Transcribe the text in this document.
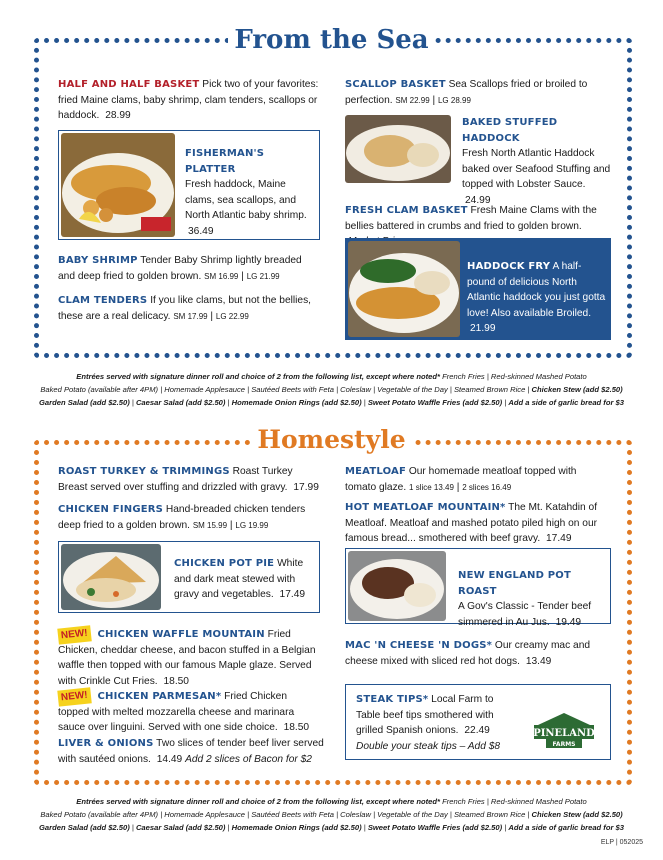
From the Sea
HALF AND HALF BASKET Pick two of your favorites: fried Maine clams, baby shrimp, clam tenders, scallops or haddock. 28.99
SCALLOP BASKET Sea Scallops fried or broiled to perfection. SM 22.99 | LG 28.99
FISHERMAN'S PLATTER
Fresh haddock, Maine clams, sea scallops, and North Atlantic baby shrimp. 36.49
BAKED STUFFED HADDOCK
Fresh North Atlantic Haddock baked over Seafood Stuffing and topped with Lobster Sauce. 24.99
FRESH CLAM BASKET Fresh Maine Clams with the bellies battered in crumbs and fried to golden brown.
BABY SHRIMP Tender Baby Shrimp lightly breaded and deep fried to golden brown. SM 16.99 | LG 21.99
HADDOCK FRY A half-pound of delicious North Atlantic haddock you just gotta love! Also available Broiled. 21.99
CLAM TENDERS If you like clams, but not the bellies, these are a real delicacy. SM 17.99 | LG 22.99
Entrées served with signature dinner roll and choice of 2 from the following list, except where noted* French Fries | Red-skinned Mashed Potato
Baked Potato (available after 4PM) | Homemade Applesauce | Sautéed Beets with Feta | Coleslaw | Vegetable of the Day | Steamed Brown Rice | Chicken Stew (add $2.50)
Garden Salad (add $2.50) | Caesar Salad (add $2.50) | Homemade Onion Rings (add $2.50) | Sweet Potato Waffle Fries (add $2.50) | Add a side of garlic bread for $3
Homestyle
ROAST TURKEY & TRIMMINGS Roast Turkey Breast served over stuffing and drizzled with gravy. 17.99
MEATLOAF Our homemade meatloaf topped with tomato glaze. 1 slice 13.49 | 2 slices 16.49
CHICKEN FINGERS Hand-breaded chicken tenders deep fried to a golden brown. SM 15.99 | LG 19.99
HOT MEATLOAF MOUNTAIN* The Mt. Katahdin of Meatloaf. Meatloaf and mashed potato piled high on our famous bread... smothered with beef gravy. 17.49
CHICKEN POT PIE White and dark meat stewed with gravy and vegetables. 17.49
NEW ENGLAND POT ROAST
A Gov's Classic - Tender beef simmered in Au Jus. 19.49
NEW! CHICKEN WAFFLE MOUNTAIN Fried Chicken, cheddar cheese, and bacon stuffed in a Belgian waffle then topped with our famous Maple glaze. Served with Crinkle Cut Fries. 18.50
MAC 'N CHEESE 'N DOGS* Our creamy mac and cheese mixed with sliced red hot dogs. 13.49
NEW! CHICKEN PARMESAN* Fried Chicken topped with melted mozzarella cheese and marinara sauce over linguini. Served with one side choice. 18.50
STEAK TIPS* Local Farm to Table beef tips smothered with grilled Spanish onions. 22.49 Double your steak tips – Add $8
PINELAND
FARMS
LIVER & ONIONS Two slices of tender beef liver served with sautéed onions. 14.49 Add 2 slices of Bacon for $2
Entrées served with signature dinner roll and choice of 2 from the following list, except where noted* French Fries | Red-skinned Mashed Potato
Baked Potato (available after 4PM) | Homemade Applesauce | Sautéed Beets with Feta | Coleslaw | Vegetable of the Day | Steamed Brown Rice | Chicken Stew (add $2.50)
Garden Salad (add $2.50) | Caesar Salad (add $2.50) | Homemade Onion Rings (add $2.50) | Sweet Potato Waffle Fries (add $2.50) | Add a side of garlic bread for $3
ELP | 052025
